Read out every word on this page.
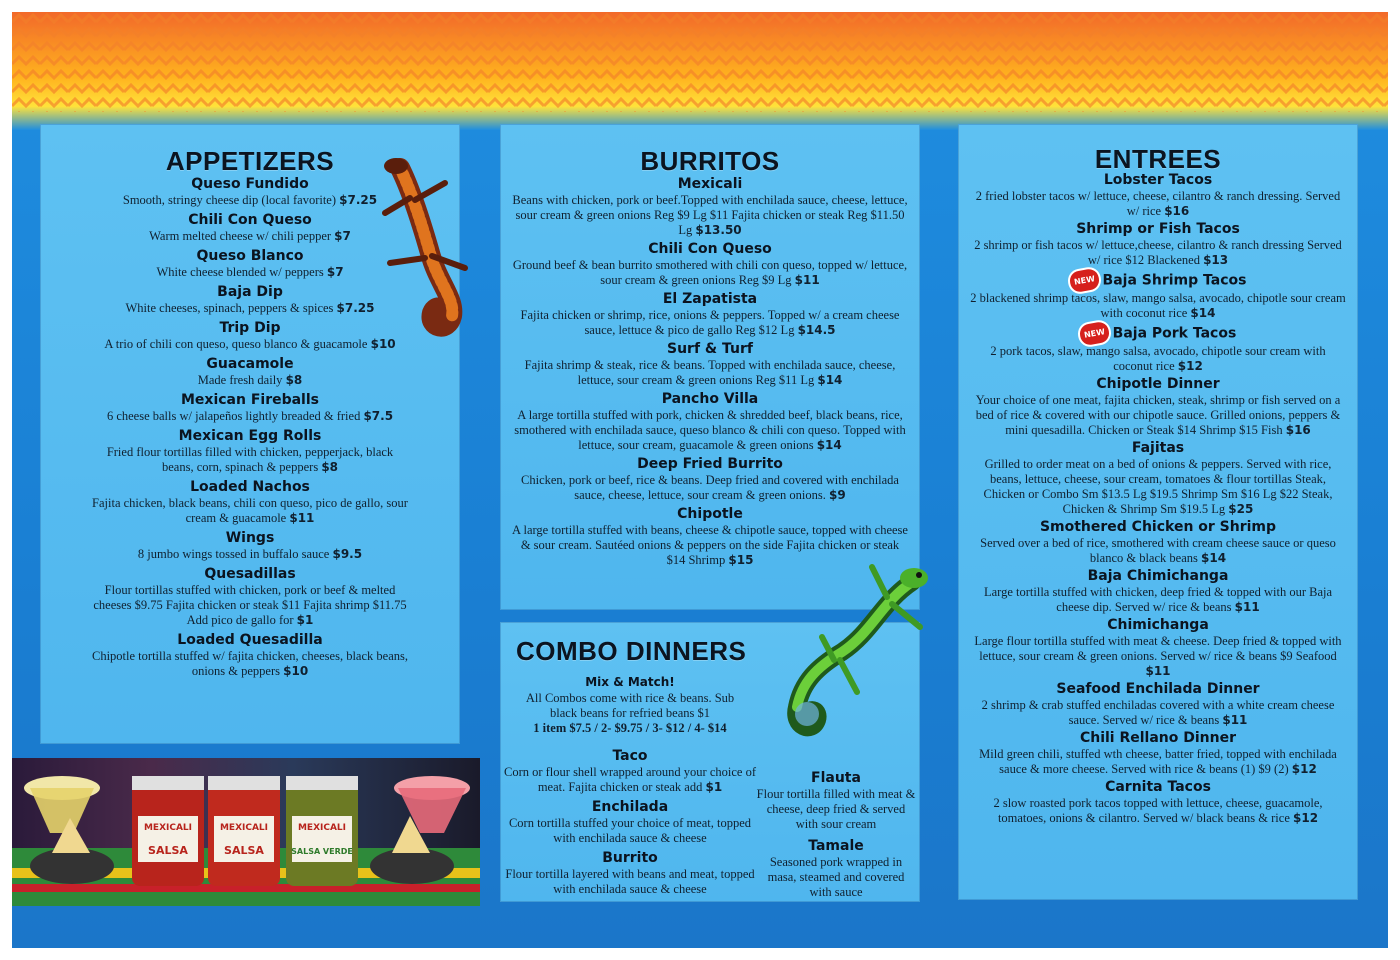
APPETIZERS
Queso Fundido
Smooth, stringy cheese dip (local favorite) $7.25
Chili Con Queso
Warm melted cheese w/ chili pepper $7
Queso Blanco
White cheese blended w/ peppers $7
Baja Dip
White cheeses, spinach, peppers & spices $7.25
Trip Dip
A trio of chili con queso, queso blanco & guacamole $10
Guacamole
Made fresh daily $8
Mexican Fireballs
6 cheese balls w/ jalapeños lightly breaded & fried $7.5
Mexican Egg Rolls
Fried flour tortillas filled with chicken, pepperjack, black beans, corn, spinach & peppers $8
Loaded Nachos
Fajita chicken, black beans, chili con queso, pico de gallo, sour cream & guacamole $11
Wings
8 jumbo wings tossed in buffalo sauce $9.5
Quesadillas
Flour tortillas stuffed with chicken, pork or beef & melted cheeses $9.75 Fajita chicken or steak $11 Fajita shrimp $11.75 Add pico de gallo for $1
Loaded Quesadilla
Chipotle tortilla stuffed w/ fajita chicken, cheeses, black beans, onions & peppers $10
BURRITOS
Mexicali
Beans with chicken, pork or beef.Topped with enchilada sauce, cheese, lettuce, sour cream & green onions Reg $9 Lg $11 Fajita chicken or steak Reg $11.50 Lg $13.50
Chili Con Queso
Ground beef & bean burrito smothered with chili con queso, topped w/ lettuce, sour cream & green onions Reg $9 Lg $11
El Zapatista
Fajita chicken or shrimp, rice, onions & peppers. Topped w/ a cream cheese sauce, lettuce & pico de gallo Reg $12 Lg $14.5
Surf & Turf
Fajita shrimp & steak, rice & beans. Topped with enchilada sauce, cheese, lettuce, sour cream & green onions Reg $11 Lg $14
Pancho Villa
A large tortilla stuffed with pork, chicken & shredded beef, black beans, rice, smothered with enchilada sauce, queso blanco & chili con queso. Topped with lettuce, sour cream, guacamole & green onions $14
Deep Fried Burrito
Chicken, pork or beef, rice & beans. Deep fried and covered with enchilada sauce, cheese, lettuce, sour cream & green onions. $9
Chipotle
A large tortilla stuffed with beans, cheese & chipotle sauce, topped with cheese & sour cream. Sautéed onions & peppers on the side Fajita chicken or steak $14 Shrimp $15
COMBO DINNERS
Mix & Match!
All Combos come with rice & beans. Sub black beans for refried beans $1
1 item $7.5 / 2- $9.75 / 3- $12 / 4- $14
Taco
Corn or flour shell wrapped around your choice of meat. Fajita chicken or steak add $1
Enchilada
Corn tortilla stuffed your choice of meat, topped with enchilada sauce & cheese
Burrito
Flour tortilla layered with beans and meat, topped with enchilada sauce & cheese
Flauta
Flour tortilla filled with meat & cheese, deep fried & served with sour cream
Tamale
Seasoned pork wrapped in masa, steamed and covered with sauce
ENTREES
Lobster Tacos
2 fried lobster tacos w/ lettuce, cheese, cilantro & ranch dressing. Served w/ rice $16
Shrimp or Fish Tacos
2 shrimp or fish tacos w/ lettuce,cheese, cilantro & ranch dressing Served w/ rice $12 Blackened $13
NEW Baja Shrimp Tacos
2 blackened shrimp tacos, slaw, mango salsa, avocado, chipotle sour cream with coconut rice $14
NEW Baja Pork Tacos
2 pork tacos, slaw, mango salsa, avocado, chipotle sour cream with coconut rice $12
Chipotle Dinner
Your choice of one meat, fajita chicken, steak, shrimp or fish served on a bed of rice & covered with our chipotle sauce. Grilled onions, peppers & mini quesadilla. Chicken or Steak $14 Shrimp $15 Fish $16
Fajitas
Grilled to order meat on a bed of onions & peppers. Served with rice, beans, lettuce, cheese, sour cream, tomatoes & flour tortillas Steak, Chicken or Combo Sm $13.5 Lg $19.5 Shrimp Sm $16 Lg $22 Steak, Chicken & Shrimp Sm $19.5 Lg $25
Smothered Chicken or Shrimp
Served over a bed of rice, smothered with cream cheese sauce or queso blanco & black beans $14
Baja Chimichanga
Large tortilla stuffed with chicken, deep fried & topped with our Baja cheese dip. Served w/ rice & beans $11
Chimichanga
Large flour tortilla stuffed with meat & cheese. Deep fried & topped with lettuce, sour cream & green onions. Served w/ rice & beans $9 Seafood $11
Seafood Enchilada Dinner
2 shrimp & crab stuffed enchiladas covered with a white cream cheese sauce. Served w/ rice & beans $11
Chili Rellano Dinner
Mild green chili, stuffed wth cheese, batter fried, topped with enchilada sauce & more cheese. Served with rice & beans (1) $9 (2) $12
Carnita Tacos
2 slow roasted pork tacos topped with lettuce, cheese, guacamole, tomatoes, onions & cilantro. Served w/ black beans & rice $12
MEXICALI
SALSA
MEXICALI
SALSA
MEXICALI
SALSA VERDE
